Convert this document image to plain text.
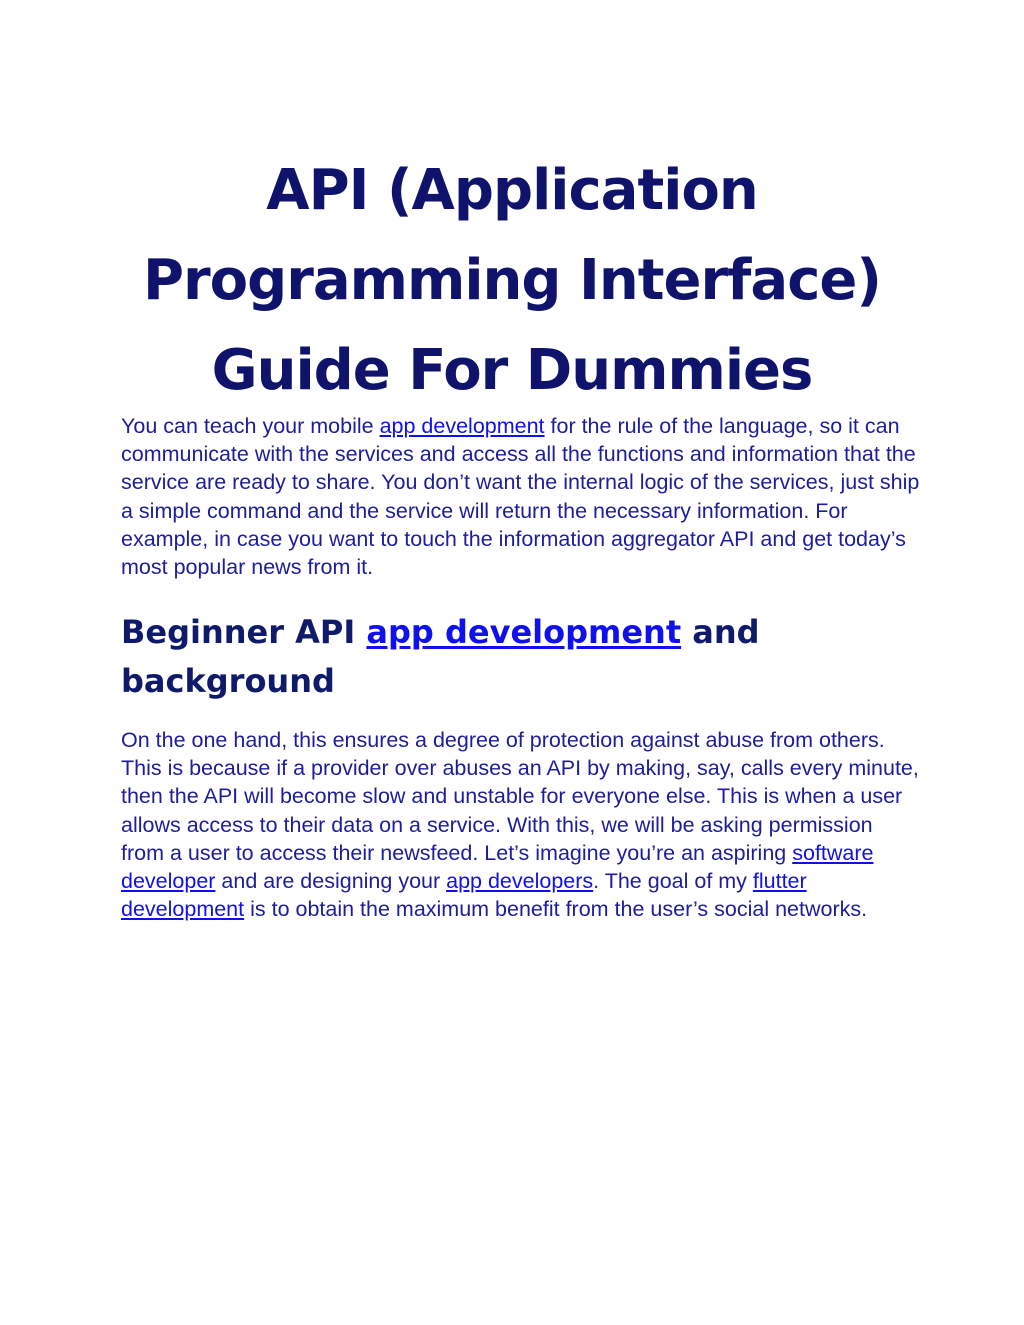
API (Application
Programming Interface)
Guide For Dummies

You can teach your mobile app development for the rule of the language, so it can communicate with the services and access all the functions and information that the service are ready to share. You don’t want the internal logic of the services, just ship a simple command and the service will return the necessary information. For example, in case you want to touch the information aggregator API and get today’s most popular news from it.

Beginner API app development and background

On the one hand, this ensures a degree of protection against abuse from others. This is because if a provider over abuses an API by making, say, calls every minute, then the API will become slow and unstable for everyone else. This is when a user allows access to their data on a service. With this, we will be asking permission from a user to access their newsfeed. Let’s imagine you’re an aspiring software developer and are designing your app developers. The goal of my flutter development is to obtain the maximum benefit from the user’s social networks.
